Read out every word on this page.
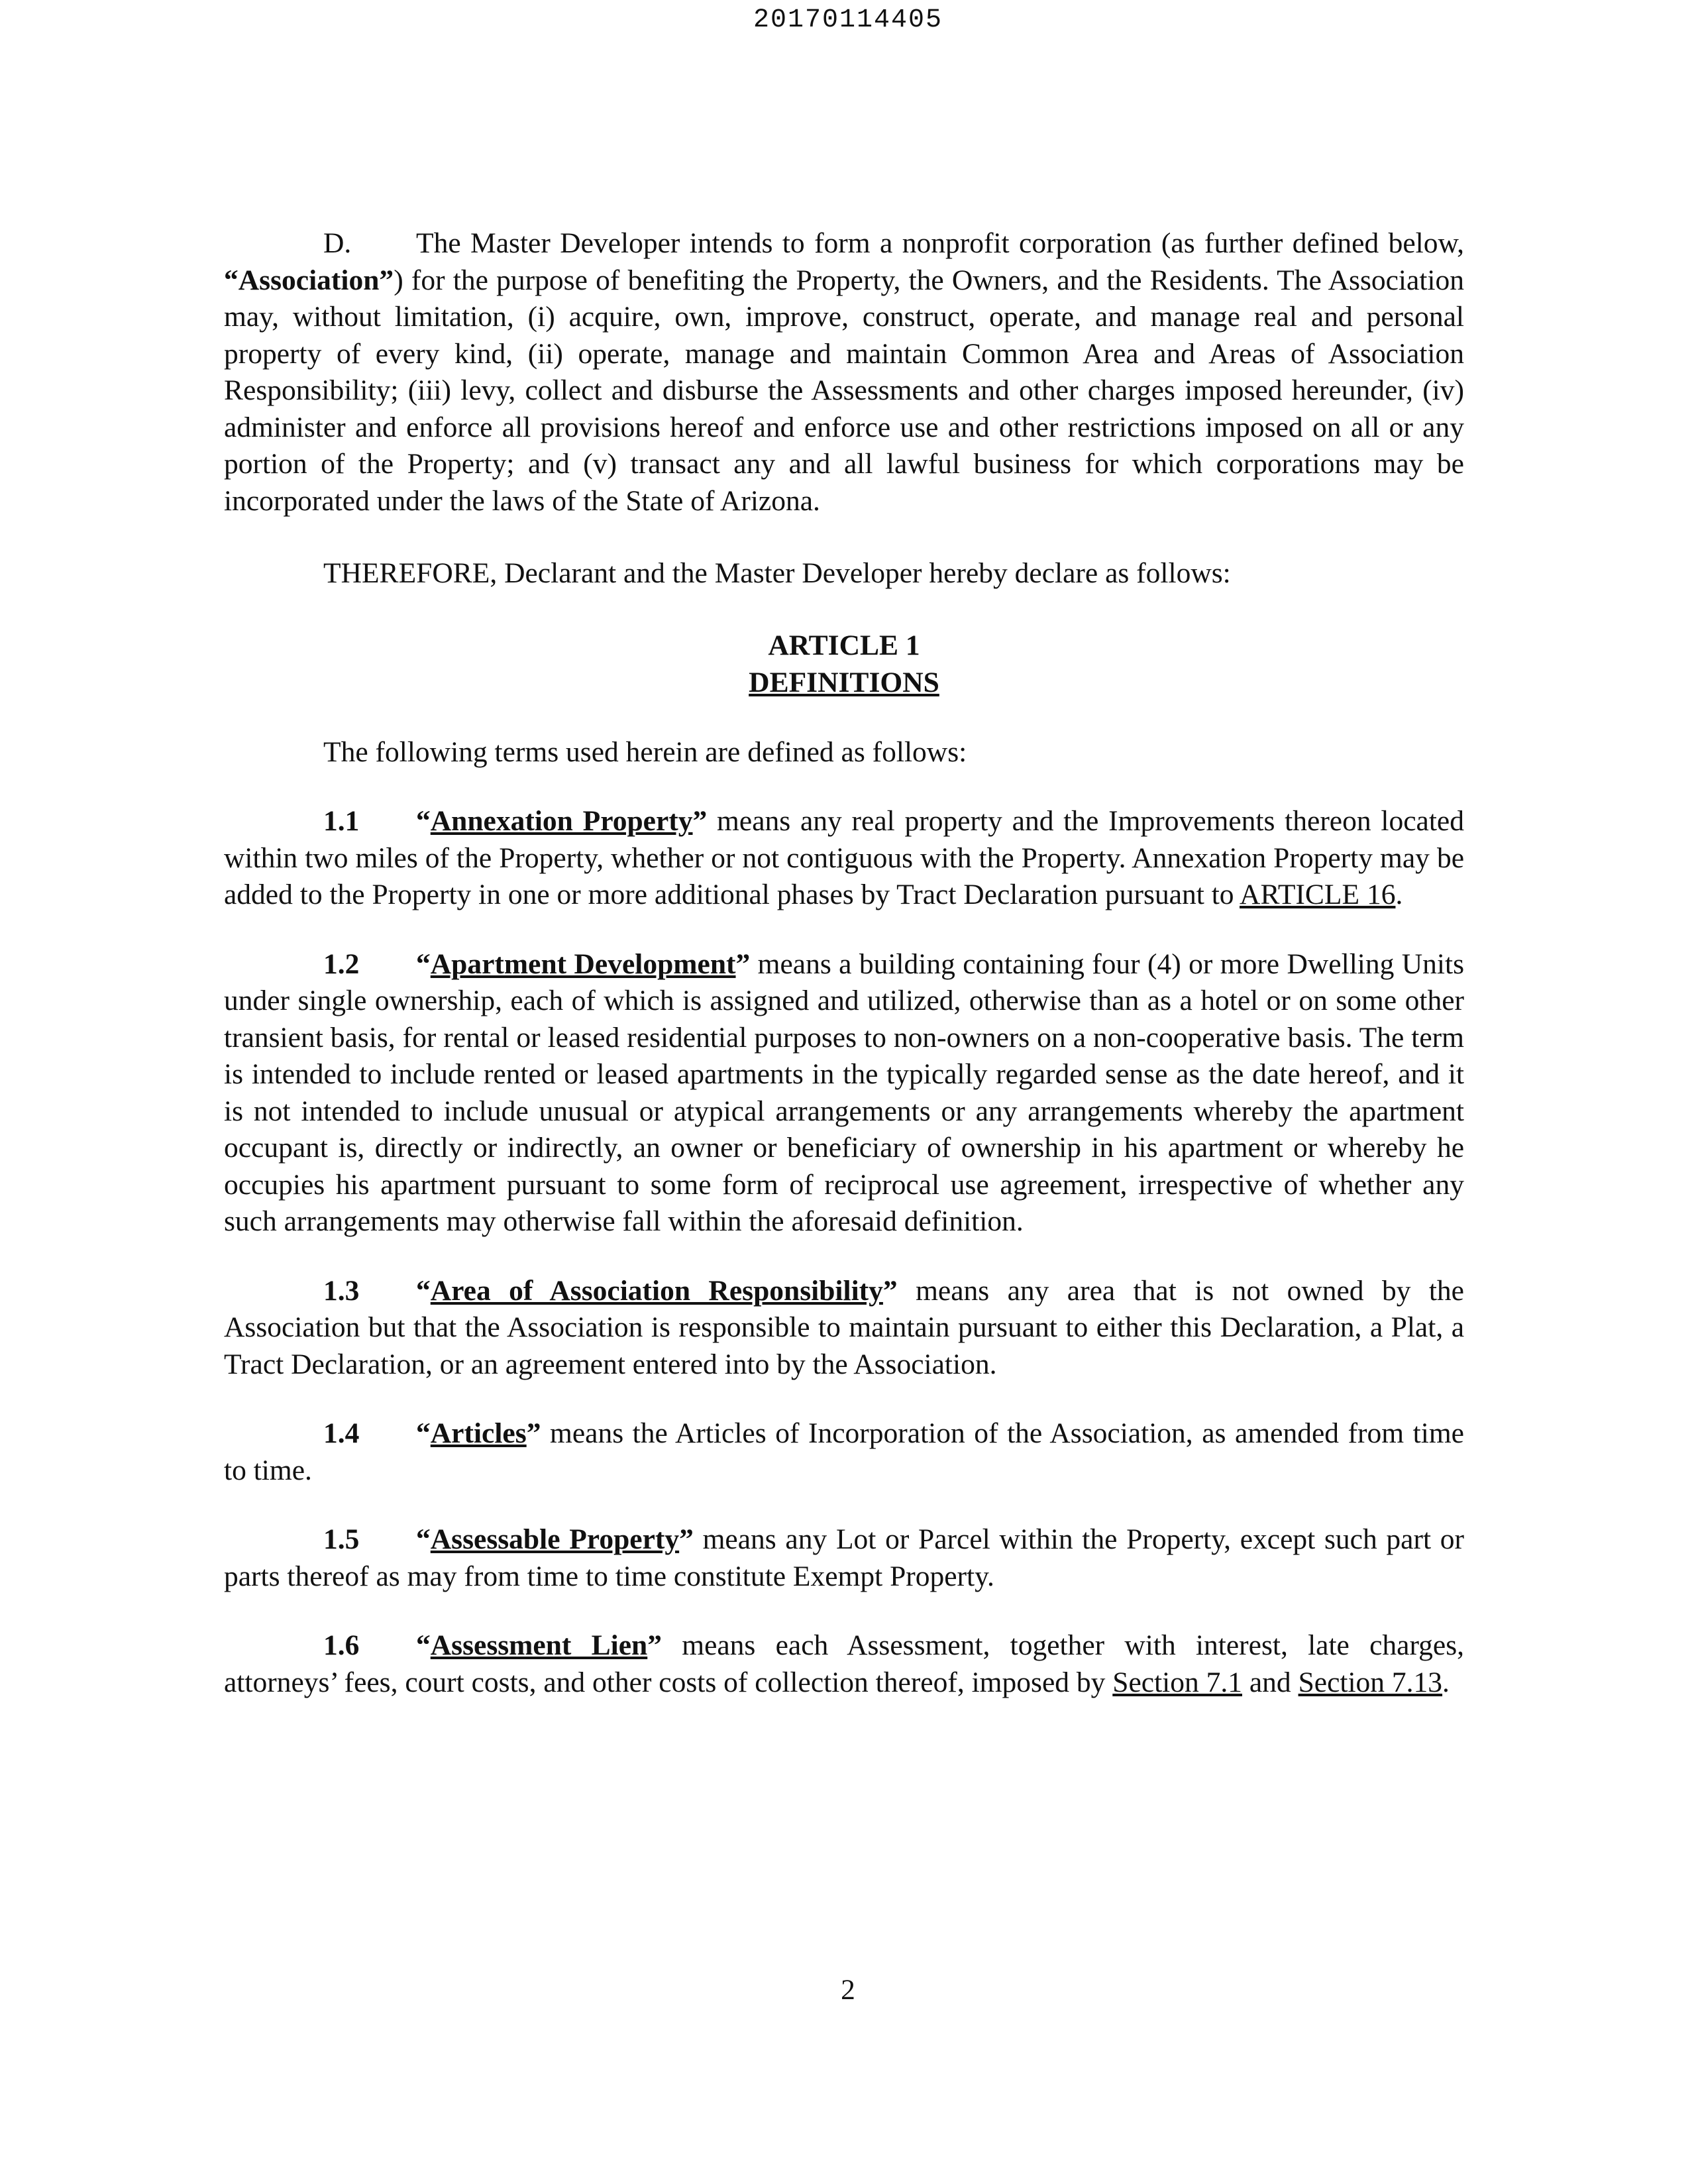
20170114405

D. The Master Developer intends to form a nonprofit corporation (as further defined below, “Association”) for the purpose of benefiting the Property, the Owners, and the Residents. The Association may, without limitation, (i) acquire, own, improve, construct, operate, and manage real and personal property of every kind, (ii) operate, manage and maintain Common Area and Areas of Association Responsibility; (iii) levy, collect and disburse the Assessments and other charges imposed hereunder, (iv) administer and enforce all provisions hereof and enforce use and other restrictions imposed on all or any portion of the Property; and (v) transact any and all lawful business for which corporations may be incorporated under the laws of the State of Arizona.

THEREFORE, Declarant and the Master Developer hereby declare as follows:

ARTICLE 1
DEFINITIONS

The following terms used herein are defined as follows:

1.1 “Annexation Property” means any real property and the Improvements thereon located within two miles of the Property, whether or not contiguous with the Property. Annexation Property may be added to the Property in one or more additional phases by Tract Declaration pursuant to ARTICLE 16.

1.2 “Apartment Development” means a building containing four (4) or more Dwelling Units under single ownership, each of which is assigned and utilized, otherwise than as a hotel or on some other transient basis, for rental or leased residential purposes to non-owners on a non-cooperative basis. The term is intended to include rented or leased apartments in the typically regarded sense as the date hereof, and it is not intended to include unusual or atypical arrangements or any arrangements whereby the apartment occupant is, directly or indirectly, an owner or beneficiary of ownership in his apartment or whereby he occupies his apartment pursuant to some form of reciprocal use agreement, irrespective of whether any such arrangements may otherwise fall within the aforesaid definition.

1.3 “Area of Association Responsibility” means any area that is not owned by the Association but that the Association is responsible to maintain pursuant to either this Declaration, a Plat, a Tract Declaration, or an agreement entered into by the Association.

1.4 “Articles” means the Articles of Incorporation of the Association, as amended from time to time.

1.5 “Assessable Property” means any Lot or Parcel within the Property, except such part or parts thereof as may from time to time constitute Exempt Property.

1.6 “Assessment Lien” means each Assessment, together with interest, late charges, attorneys’ fees, court costs, and other costs of collection thereof, imposed by Section 7.1 and Section 7.13.

2
